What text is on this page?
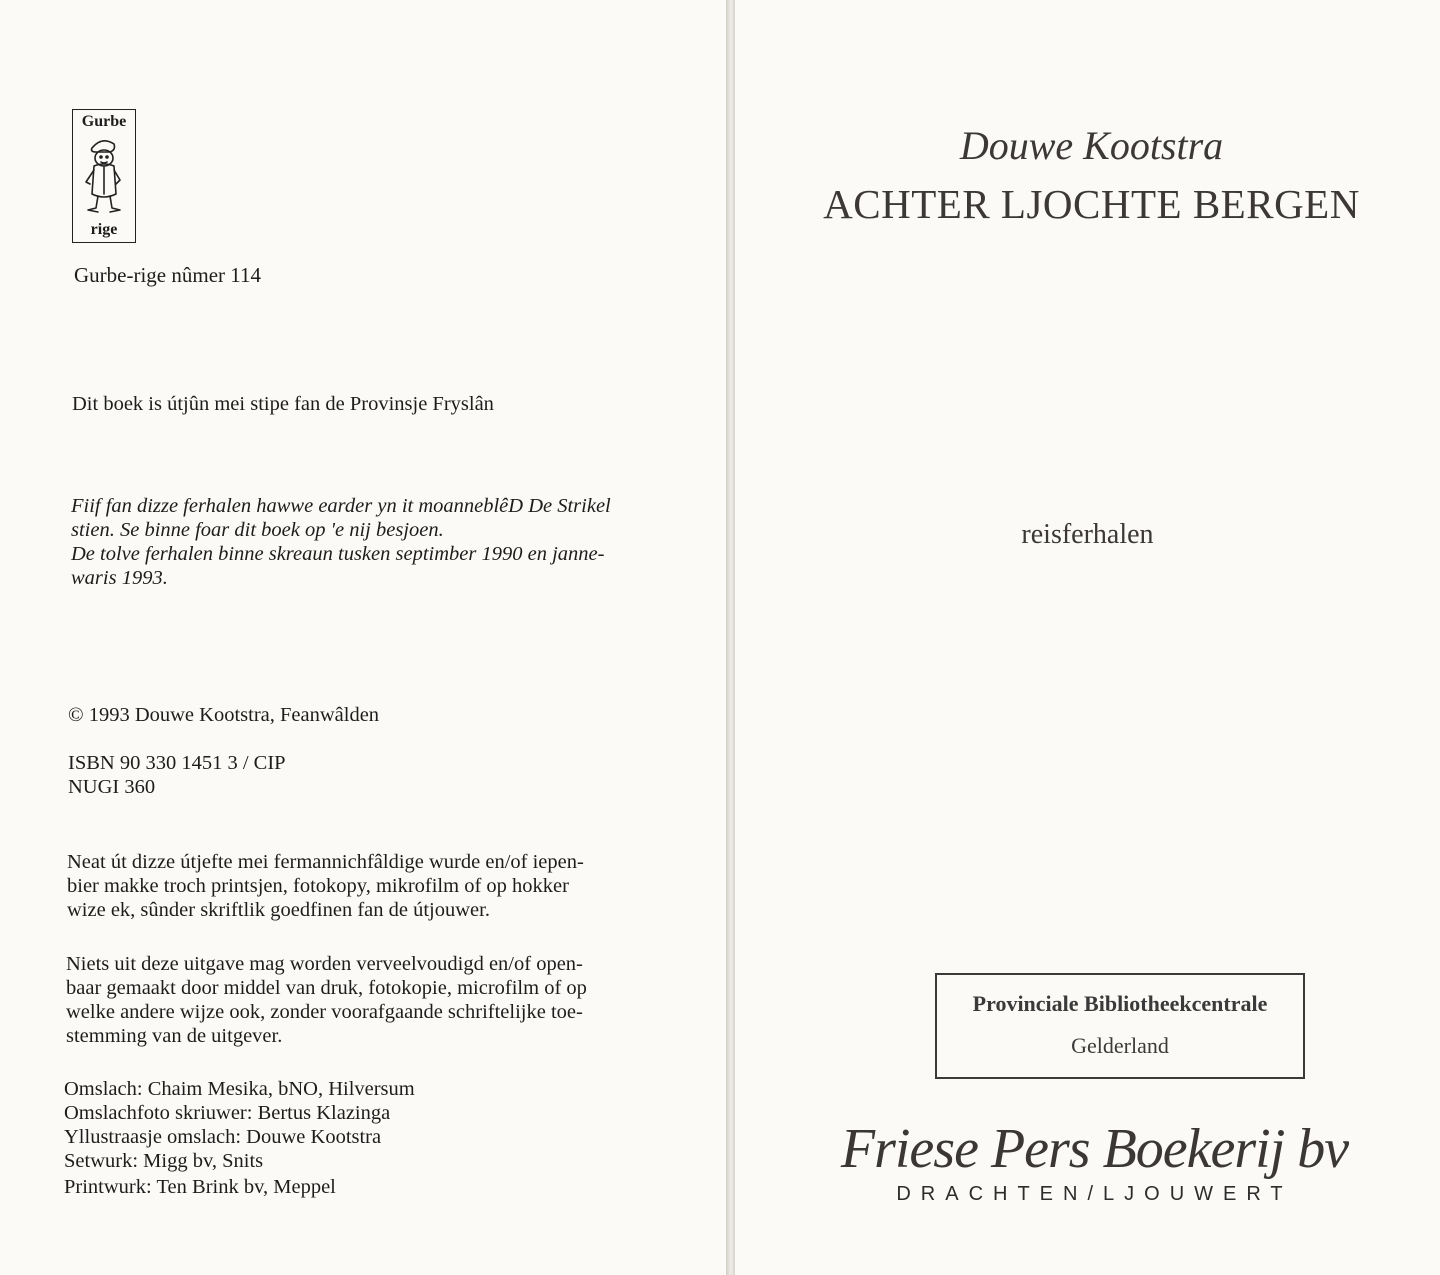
Gurbe
rige

Gurbe-rige nûmer 114

Dit boek is útjûn mei stipe fan de Provinsje Fryslân

Fiif fan dizze ferhalen hawwe earder yn it moanneblêD De Strikel

stien. Se binne foar dit boek op 'e nij besjoen.

De tolve ferhalen binne skreaun tusken septimber 1990 en janne-

waris 1993.

© 1993 Douwe Kootstra, Feanwâlden

ISBN 90 330 1451 3 / CIP

NUGI 360

Neat út dizze útjefte mei fermannichfâldige wurde en/of iepen-

bier makke troch printsjen, fotokopy, mikrofilm of op hokker

wize ek, sûnder skriftlik goedfinen fan de útjouwer.

Niets uit deze uitgave mag worden verveelvoudigd en/of open-

baar gemaakt door middel van druk, fotokopie, microfilm of op

welke andere wijze ook, zonder voorafgaande schriftelijke toe-

stemming van de uitgever.

Omslach: Chaim Mesika, bNO, Hilversum

Omslachfoto skriuwer: Bertus Klazinga

Yllustraasje omslach: Douwe Kootstra

Setwurk: Migg bv, Snits

Printwurk: Ten Brink bv, Meppel

Douwe Kootstra

ACHTER LJOCHTE BERGEN

reisferhalen

Provinciale Bibliotheekcentrale
Gelderland

Friese Pers Boekerij bv

DRACHTEN/LJOUWERT
